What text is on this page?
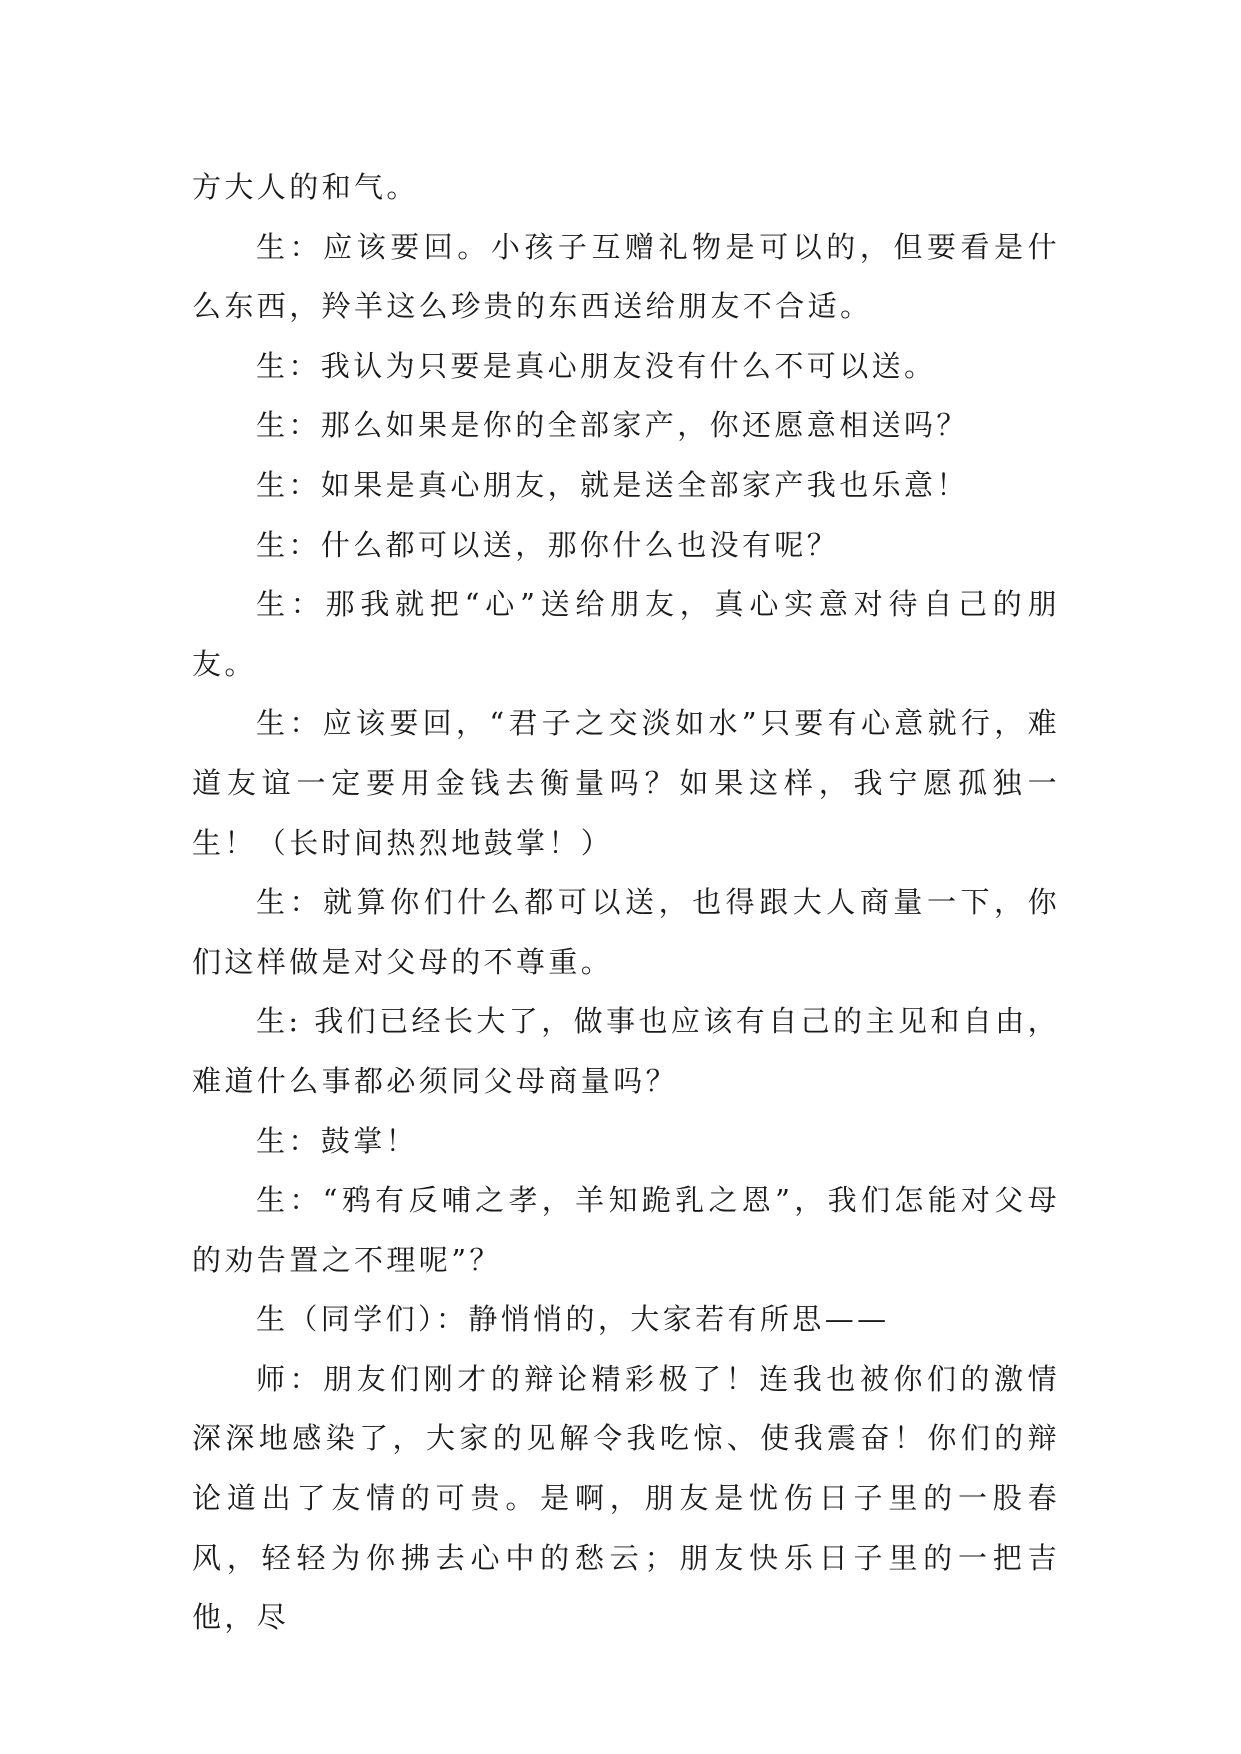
方大人的和气。

生：应该要回。小孩子互赠礼物是可以的，但要看是什么东西，羚羊这么珍贵的东西送给朋友不合适。

生：我认为只要是真心朋友没有什么不可以送。

生：那么如果是你的全部家产，你还愿意相送吗？

生：如果是真心朋友，就是送全部家产我也乐意！

生：什么都可以送，那你什么也没有呢？

生：那我就把“心”送给朋友，真心实意对待自己的朋友。

生：应该要回，“君子之交淡如水”只要有心意就行，难道友谊一定要用金钱去衡量吗？如果这样，我宁愿孤独一生！（长时间热烈地鼓掌！）

生：就算你们什么都可以送，也得跟大人商量一下，你们这样做是对父母的不尊重。

生: 我们已经长大了，做事也应该有自己的主见和自由，难道什么事都必须同父母商量吗？

生：鼓掌！

生：“鸦有反哺之孝，羊知跪乳之恩”，我们怎能对父母的劝告置之不理呢”？

生（同学们）：静悄悄的，大家若有所思——

师：朋友们刚才的辩论精彩极了！连我也被你们的激情深深地感染了，大家的见解令我吃惊、使我震奋！你们的辩论道出了友情的可贵。是啊，朋友是忧伤日子里的一股春风，轻轻为你拂去心中的愁云；朋友快乐日子里的一把吉他，尽
